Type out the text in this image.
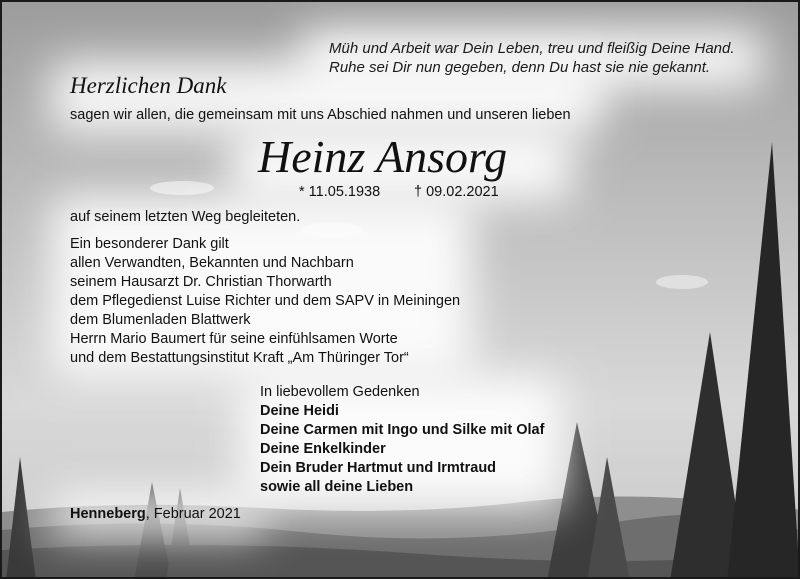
Müh und Arbeit war Dein Leben, treu und fleißig Deine Hand.
Ruhe sei Dir nun gegeben, denn Du hast sie nie gekannt.
Herzlichen Dank
sagen wir allen, die gemeinsam mit uns Abschied nahmen und unseren lieben
Heinz Ansorg
* 11.05.1938 † 09.02.2021
auf seinem letzten Weg begleiteten.
Ein besonderer Dank gilt
allen Verwandten, Bekannten und Nachbarn
seinem Hausarzt Dr. Christian Thorwarth
dem Pflegedienst Luise Richter und dem SAPV in Meiningen
dem Blumenladen Blattwerk
Herrn Mario Baumert für seine einfühlsamen Worte
und dem Bestattungsinstitut Kraft „Am Thüringer Tor“
In liebevollem Gedenken
Deine Heidi
Deine Carmen mit Ingo und Silke mit Olaf
Deine Enkelkinder
Dein Bruder Hartmut und Irmtraud
sowie all deine Lieben
Henneberg, Februar 2021
